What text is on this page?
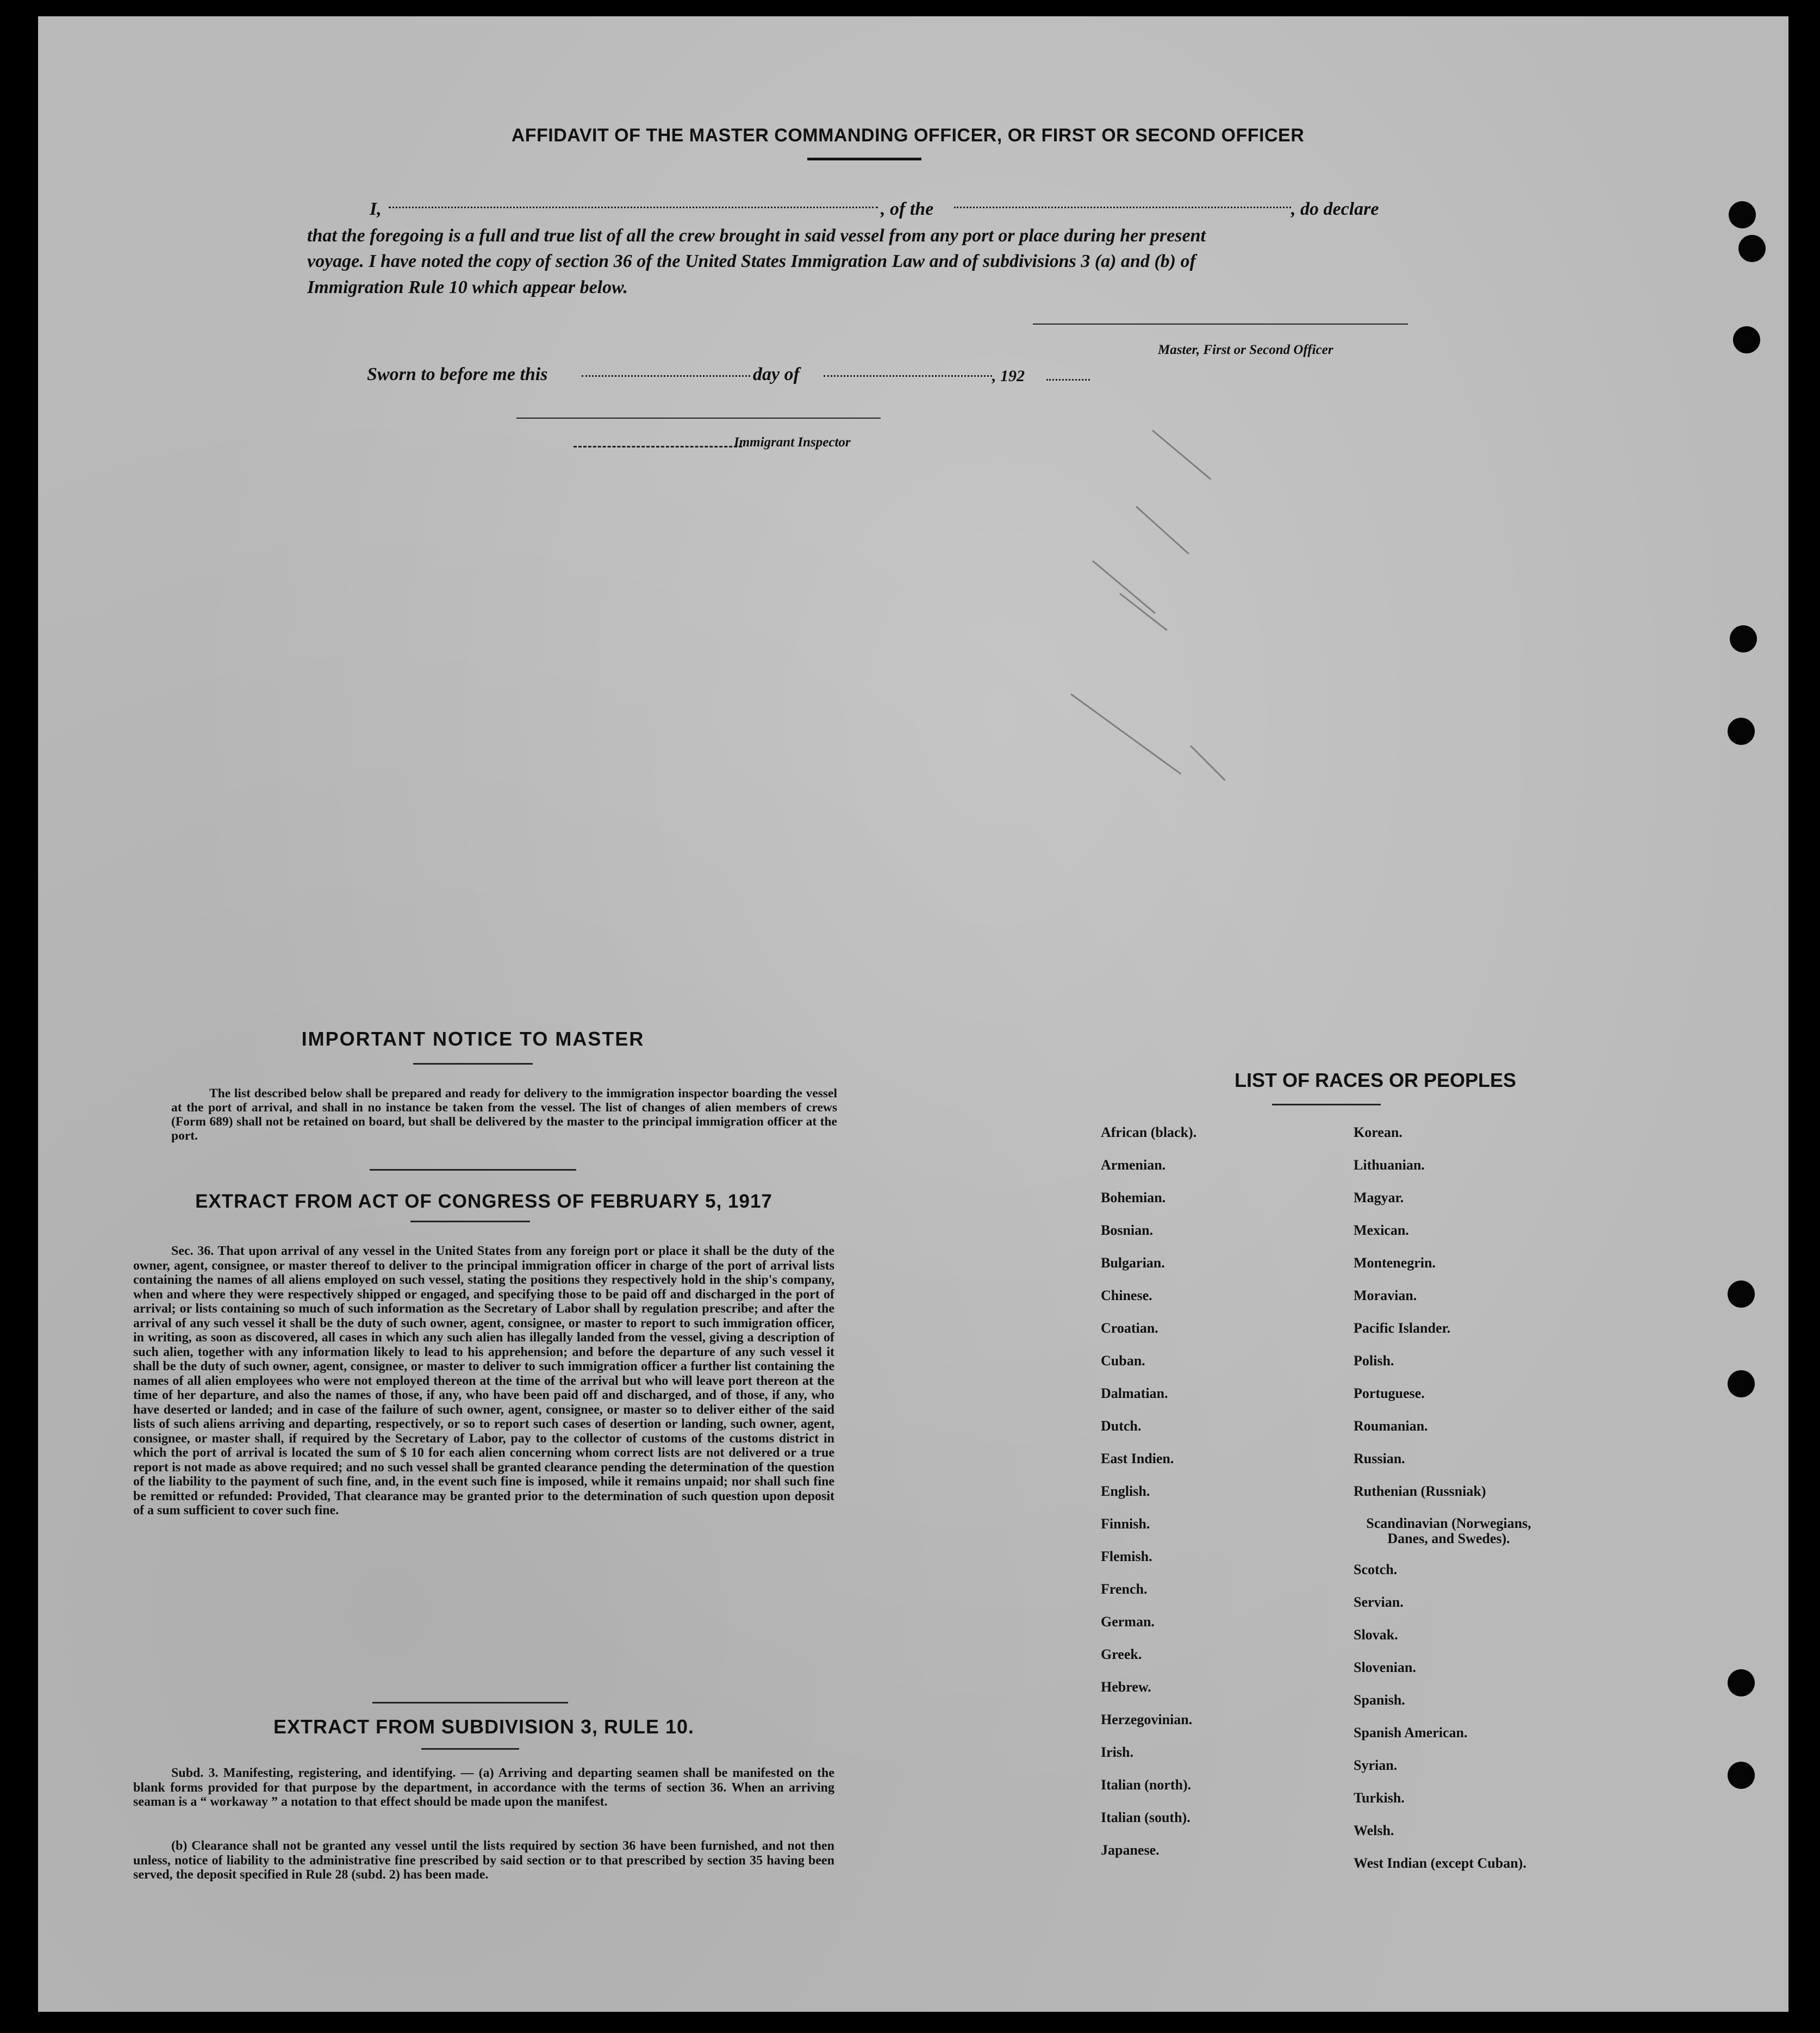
AFFIDAVIT OF THE MASTER COMMANDING OFFICER, OR FIRST OR SECOND OFFICER
I,	, of the	, do declare
that the foregoing is a full and true list of all the crew brought in said vessel from any port or place during her present
voyage. I have noted the copy of section 36 of the United States Immigration Law and of subdivisions 3 (a) and (b) of
Immigration Rule 10 which appear below.
Master, First or Second Officer
Sworn to before me this	day of	, 192
Immigrant Inspector
IMPORTANT NOTICE TO MASTER
The list described below shall be prepared and ready for delivery to the immigration inspector boarding the vessel at the port of arrival, and shall in no instance be taken from the vessel. The list of changes of alien members of crews (Form 689) shall not be retained on board, but shall be delivered by the master to the principal immigration officer at the port.
EXTRACT FROM ACT OF CONGRESS OF FEBRUARY 5, 1917
Sec. 36. That upon arrival of any vessel in the United States from any foreign port or place it shall be the duty of the owner, agent, consignee, or master thereof to deliver to the principal immigration officer in charge of the port of arrival lists containing the names of all aliens employed on such vessel, stating the positions they respectively hold in the ship's company, when and where they were respectively shipped or engaged, and specifying those to be paid off and discharged in the port of arrival; or lists containing so much of such information as the Secretary of Labor shall by regulation prescribe; and after the arrival of any such vessel it shall be the duty of such owner, agent, consignee, or master to report to such immigration officer, in writing, as soon as discovered, all cases in which any such alien has illegally landed from the vessel, giving a description of such alien, together with any information likely to lead to his apprehension; and before the departure of any such vessel it shall be the duty of such owner, agent, consignee, or master to deliver to such immigration officer a further list containing the names of all alien employees who were not employed thereon at the time of the arrival but who will leave port thereon at the time of her departure, and also the names of those, if any, who have been paid off and discharged, and of those, if any, who have deserted or landed; and in case of the failure of such owner, agent, consignee, or master so to deliver either of the said lists of such aliens arriving and departing, respectively, or so to report such cases of desertion or landing, such owner, agent, consignee, or master shall, if required by the Secretary of Labor, pay to the collector of customs of the customs district in which the port of arrival is located the sum of $ 10 for each alien concerning whom correct lists are not delivered or a true report is not made as above required; and no such vessel shall be granted clearance pending the determination of the question of the liability to the payment of such fine, and, in the event such fine is imposed, while it remains unpaid; nor shall such fine be remitted or refunded: Provided, That clearance may be granted prior to the determination of such question upon deposit of a sum sufficient to cover such fine.
EXTRACT FROM SUBDIVISION 3, RULE 10.
Subd. 3. Manifesting, registering, and identifying. — (a) Arriving and departing seamen shall be manifested on the blank forms provided for that purpose by the department, in accordance with the terms of section 36. When an arriving seaman is a “ workaway ” a notation to that effect should be made upon the manifest.
(b) Clearance shall not be granted any vessel until the lists required by section 36 have been furnished, and not then unless, notice of liability to the administrative fine prescribed by said section or to that prescribed by section 35 having been served, the deposit specified in Rule 28 (subd. 2) has been made.
LIST OF RACES OR PEOPLES
African (black).
Armenian.
Bohemian.
Bosnian.
Bulgarian.
Chinese.
Croatian.
Cuban.
Dalmatian.
Dutch.
East Indien.
English.
Finnish.
Flemish.
French.
German.
Greek.
Hebrew.
Herzegovinian.
Irish.
Italian (north).
Italian (south).
Japanese.
Korean.
Lithuanian.
Magyar.
Mexican.
Montenegrin.
Moravian.
Pacific Islander.
Polish.
Portuguese.
Roumanian.
Russian.
Ruthenian (Russniak)
Scandinavian (Norwegians, Danes, and Swedes).
Scotch.
Servian.
Slovak.
Slovenian.
Spanish.
Spanish American.
Syrian.
Turkish.
Welsh.
West Indian (except Cuban).
